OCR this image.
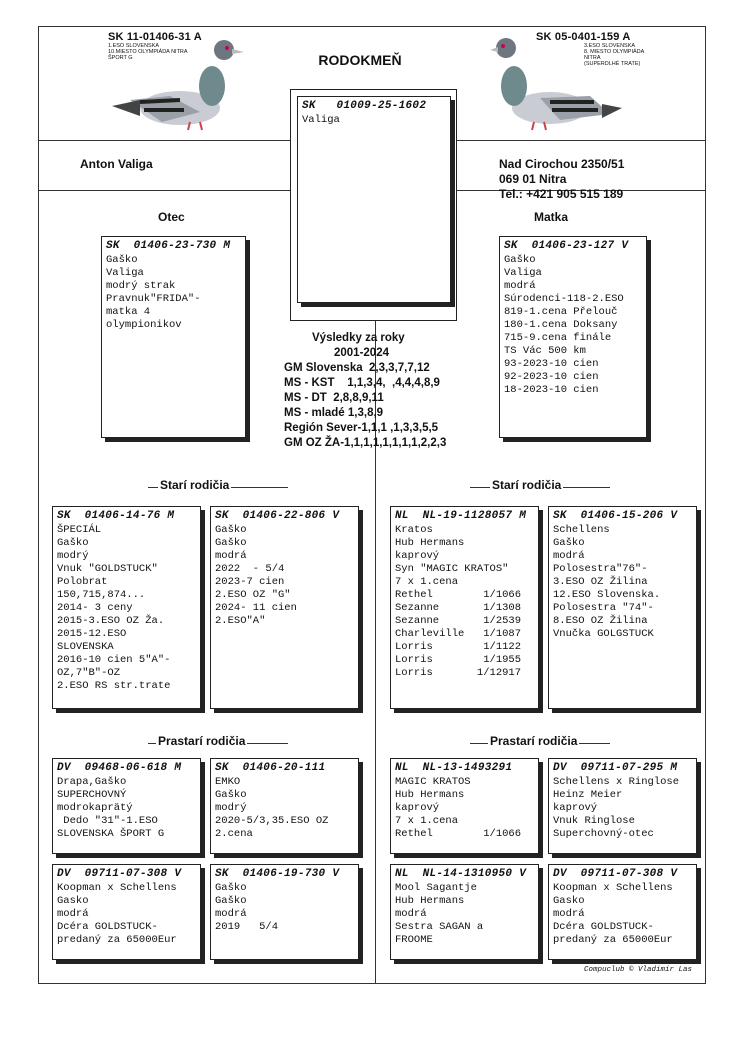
SK 11-01406-31 A
1.ESO SLOVENSKA
10.MIESTO OLYMPIÁDA NITRA
ŠPORT G
SK 05-0401-159 A
3.ESO SLOVENSKA
8. MIESTO OLYMPIÁDA NITRA
(SUPERDLHÉ TRATE)
RODOKMEŇ
Anton Valiga	Nad Cirochou 2350/51
069 01 Nitra
Tel.: +421 905 515 189
SK   01009-25-1602
Valiga
Otec	Matka
Výsledky za roky
2001-2024
GM Slovenska  2,3,3,7,7,12
MS - KST    1,1,3,4,  ,4,4,4,8,9
MS - DT  2,8,8,9,11
MS - mladé 1,3,8,9
Región Sever-1,1,1 ,1,3,3,5,5
GM OZ ŽA-1,1,1,1,1,1,1,1,2,2,3
SK  01406-23-730 M
Gaško
Valiga
modrý strak
Pravnuk"FRIDA"-
matka 4
olympionikov
SK  01406-23-127 V
Gaško
Valiga
modrá
Súrodenci-118-2.ESO
819-1.cena Přelouč
180-1.cena Doksany
715-9.cena finále
TS Vác 500 km
93-2023-10 cien
92-2023-10 cien
18-2023-10 cien
Starí rodičia	Starí rodičia
SK  01406-14-76 M
ŠPECIÁL
Gaško
modrý
Vnuk "GOLDSTUCK"
Polobrat
150,715,874...
2014- 3 ceny
2015-3.ESO OZ Ža.
2015-12.ESO
SLOVENSKA
2016-10 cien 5"A"-
OZ,7"B"-OZ
2.ESO RS str.trate
SK  01406-22-806 V
Gaško
Gaško
modrá
2022  - 5/4
2023-7 cien
2.ESO OZ "G"
2024- 11 cien
2.ESO"A"
NL  NL-19-1128057 M
Kratos
Hub Hermans
kaprový
Syn "MAGIC KRATOS"
7 x 1.cena
Rethel        1/1066
Sezanne       1/1308
Sezanne       1/2539
Charleville   1/1087
Lorris        1/1122
Lorris        1/1955
Lorris       1/12917
SK  01406-15-206 V
Schellens
Gaško
modrá
Polosestra"76"-
3.ESO OZ Žilina
12.ESO Slovenska.
Polosestra "74"-
8.ESO OZ Žilina
Vnučka GOLGSTUCK
Prastarí rodičia	Prastarí rodičia
DV  09468-06-618 M
Drapa,Gaško
SUPERCHOVNÝ
modrokaprätý
Dedo "31"-1.ESO
SLOVENSKA ŠPORT G
SK  01406-20-111
EMKO
Gaško
modrý
2020-5/3,35.ESO OZ
2.cena
NL  NL-13-1493291
MAGIC KRATOS
Hub Hermans
kaprový
7 x 1.cena
Rethel        1/1066
DV  09711-07-295 M
Schellens x Ringlose
Heinz Meier
kaprový
Vnuk Ringlose
Superchovný-otec
DV  09711-07-308 V
Koopman x Schellens
Gasko
modrá
Dcéra GOLDSTUCK-
predaný za 65000Eur
SK  01406-19-730 V
Gaško
Gaško
modrá
2019   5/4
NL  NL-14-1310950 V
Mool Sagantje
Hub Hermans
modrá
Sestra SAGAN a
FROOME
DV  09711-07-308 V
Koopman x Schellens
Gasko
modrá
Dcéra GOLDSTUCK-
predaný za 65000Eur
Compuclub © Vladimír Las
